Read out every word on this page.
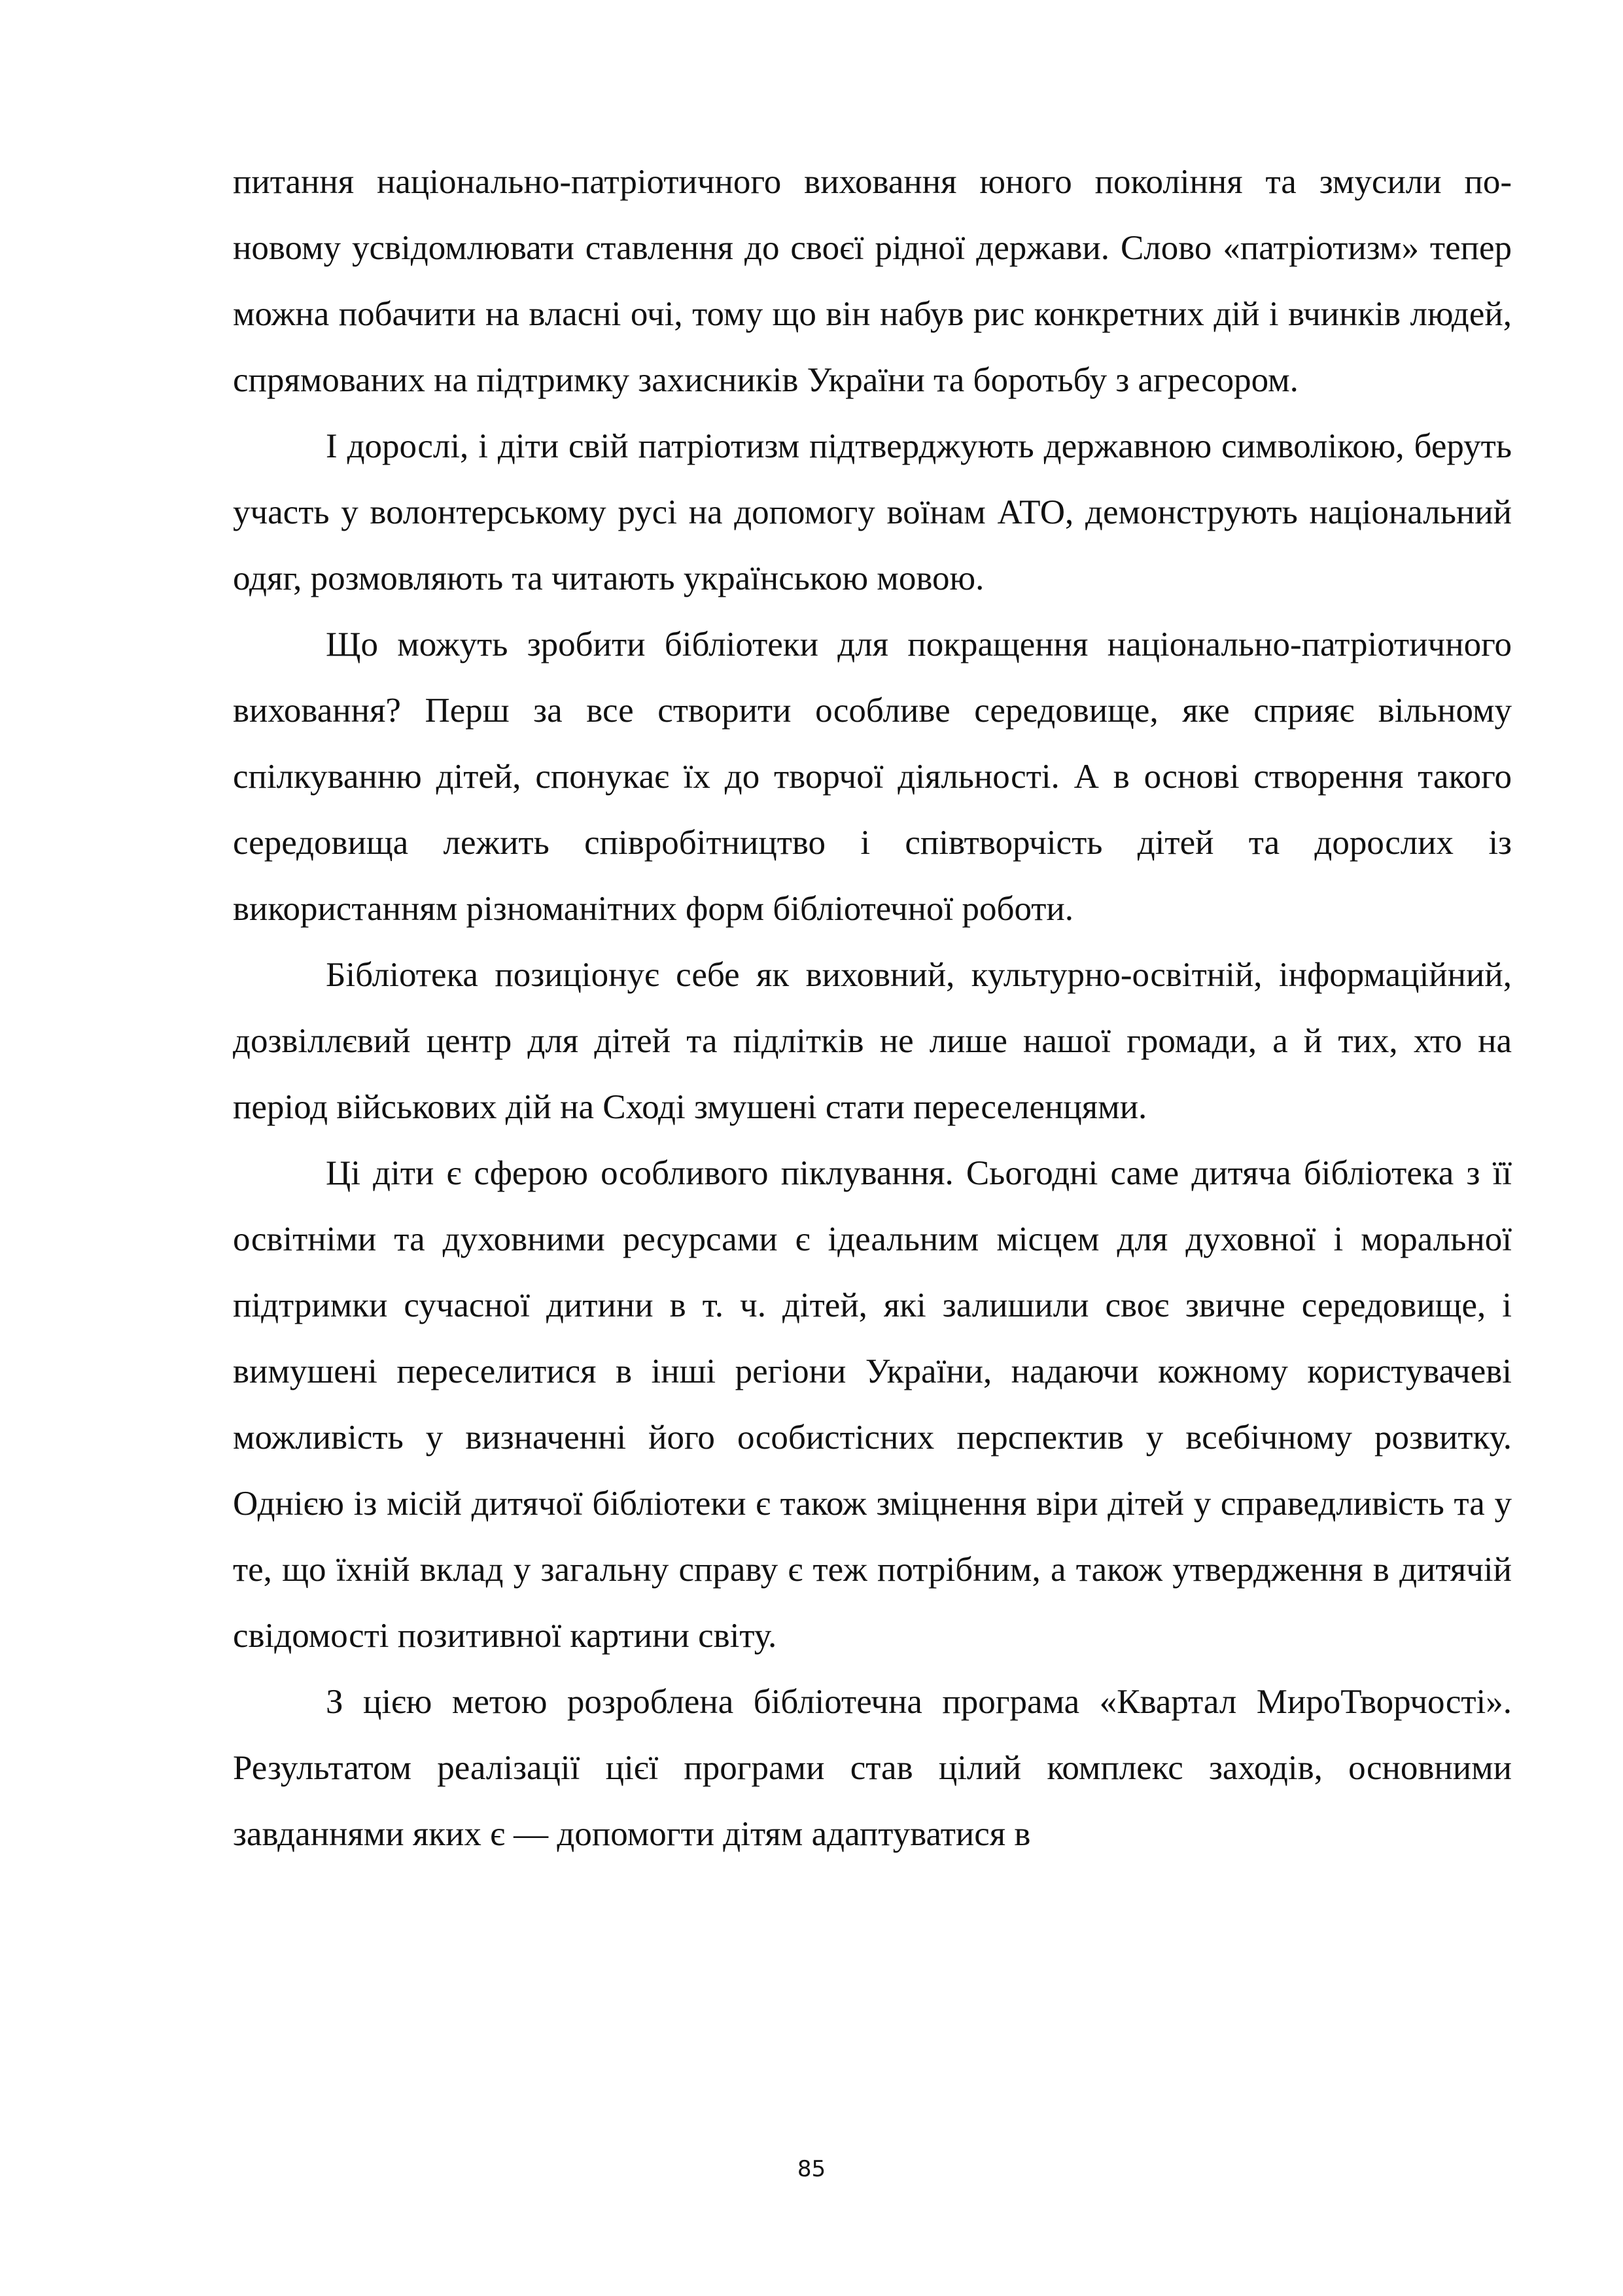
питання національно-патріотичного виховання юного покоління та змусили по-новому усвідомлювати ставлення до своєї рідної держави. Слово «патріотизм» тепер можна побачити на власні очі, тому що він набув рис конкретних дій і вчинків людей, спрямованих на підтримку захисників України та боротьбу з агресором.

І дорослі, і діти свій патріотизм підтверджують державною символікою, беруть участь у волонтерському русі на допомогу воїнам АТО, демонструють національний одяг, розмовляють та читають українською мовою.

Що можуть зробити бібліотеки для покращення національно-патріотичного виховання? Перш за все створити особливе середовище, яке сприяє вільному спілкуванню дітей, спонукає їх до творчої діяльності. А в основі створення такого середовища лежить співробітництво і співтворчість дітей та дорослих із використанням різноманітних форм бібліотечної роботи.

Бібліотека позиціонує себе як виховний, культурно-освітній, інформаційний, дозвіллєвий центр для дітей та підлітків не лише нашої громади, а й тих, хто на період військових дій на Сході змушені стати переселенцями.

Ці діти є сферою особливого піклування. Сьогодні саме дитяча бібліотека з її освітніми та духовними ресурсами є ідеальним місцем для духовної і моральної підтримки сучасної дитини в т. ч. дітей, які залишили своє звичне середовище, і вимушені переселитися в інші регіони України, надаючи кожному користувачеві можливість у визначенні його особистісних перспектив у всебічному розвитку. Однією із місій дитячої бібліотеки є також зміцнення віри дітей у справедливість та у те, що їхній вклад у загальну справу є теж потрібним, а також утвердження в дитячій свідомості позитивної картини світу.

З цією метою розроблена бібліотечна програма «Квартал МироТворчості». Результатом реалізації цієї програми став цілий комплекс заходів, основними завданнями яких є — допомогти дітям адаптуватися в

85
